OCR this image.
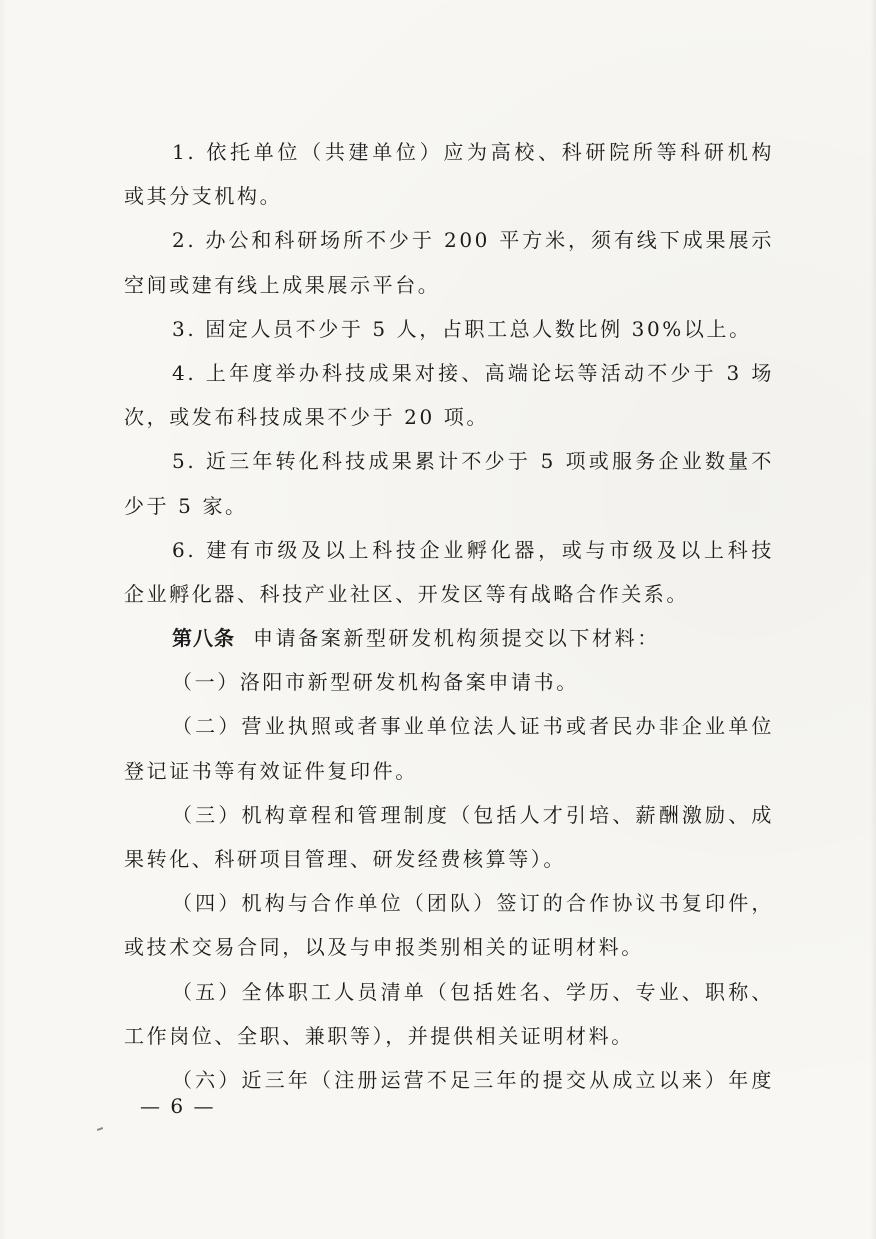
1. 依托单位（共建单位）应为高校、科研院所等科研机构
或其分支机构。
2. 办公和科研场所不少于 200 平方米，须有线下成果展示
空间或建有线上成果展示平台。
3. 固定人员不少于 5 人，占职工总人数比例 30%以上。
4. 上年度举办科技成果对接、高端论坛等活动不少于 3 场
次，或发布科技成果不少于 20 项。
5. 近三年转化科技成果累计不少于 5 项或服务企业数量不
少于 5 家。
6. 建有市级及以上科技企业孵化器，或与市级及以上科技
企业孵化器、科技产业社区、开发区等有战略合作关系。
第八条 申请备案新型研发机构须提交以下材料：
（一）洛阳市新型研发机构备案申请书。
（二）营业执照或者事业单位法人证书或者民办非企业单位
登记证书等有效证件复印件。
（三）机构章程和管理制度（包括人才引培、薪酬激励、成
果转化、科研项目管理、研发经费核算等）。
（四）机构与合作单位（团队）签订的合作协议书复印件，
或技术交易合同，以及与申报类别相关的证明材料。
（五）全体职工人员清单（包括姓名、学历、专业、职称、
工作岗位、全职、兼职等），并提供相关证明材料。
（六）近三年（注册运营不足三年的提交从成立以来）年度
— 6 —
